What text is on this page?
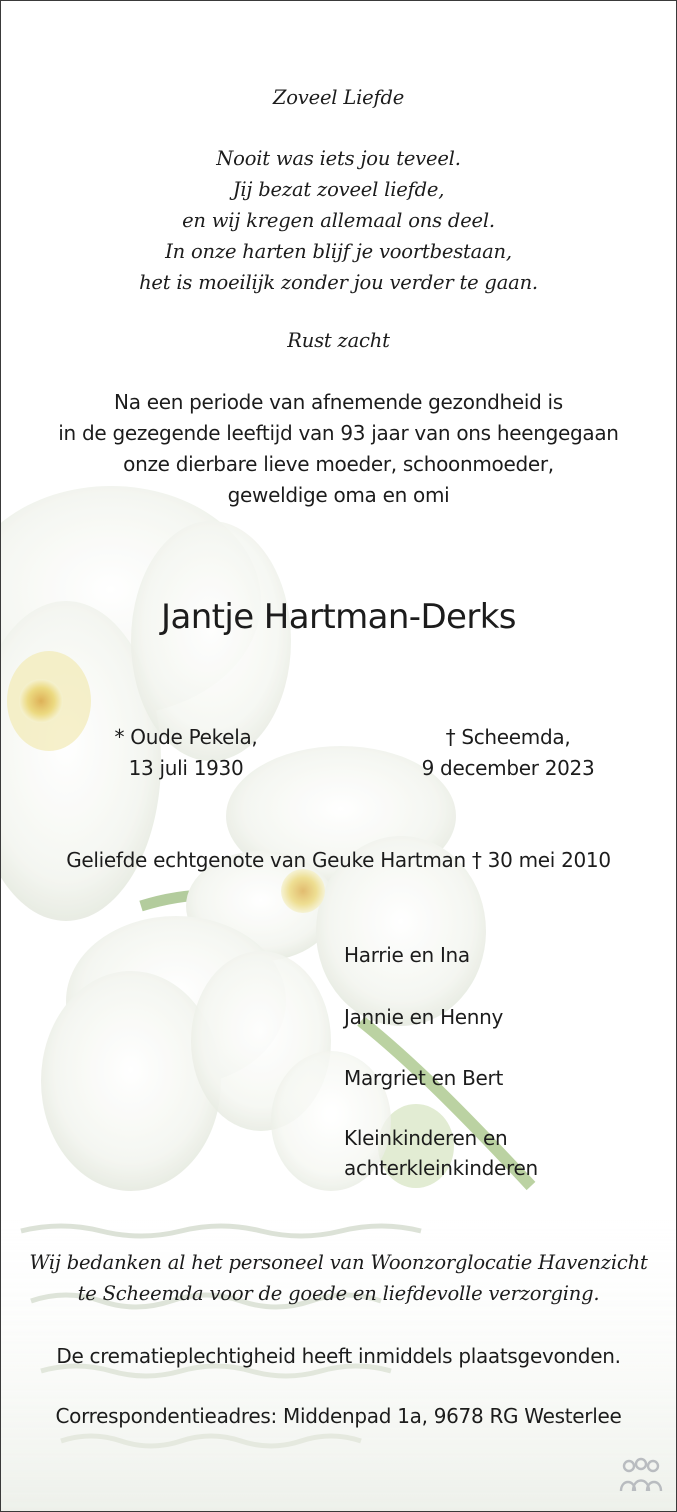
Zoveel Liefde
Nooit was iets jou teveel.
Jij bezat zoveel liefde,
en wij kregen allemaal ons deel.
In onze harten blijf je voortbestaan,
het is moeilijk zonder jou verder te gaan.
Rust zacht
Na een periode van afnemende gezondheid is
in de gezegende leeftijd van 93 jaar van ons heengegaan
onze dierbare lieve moeder, schoonmoeder,
geweldige oma en omi
Jantje Hartman-Derks
* Oude Pekela,
13 juli 1930
† Scheemda,
9 december 2023
Geliefde echtgenote van Geuke Hartman † 30 mei 2010
Harrie en Ina
Jannie en Henny
Margriet en Bert
Kleinkinderen en
achterkleinkinderen
Wij bedanken al het personeel van Woonzorglocatie Havenzicht
te Scheemda voor de goede en liefdevolle verzorging.
De crematieplechtigheid heeft inmiddels plaatsgevonden.
Correspondentieadres: Middenpad 1a, 9678 RG Westerlee
